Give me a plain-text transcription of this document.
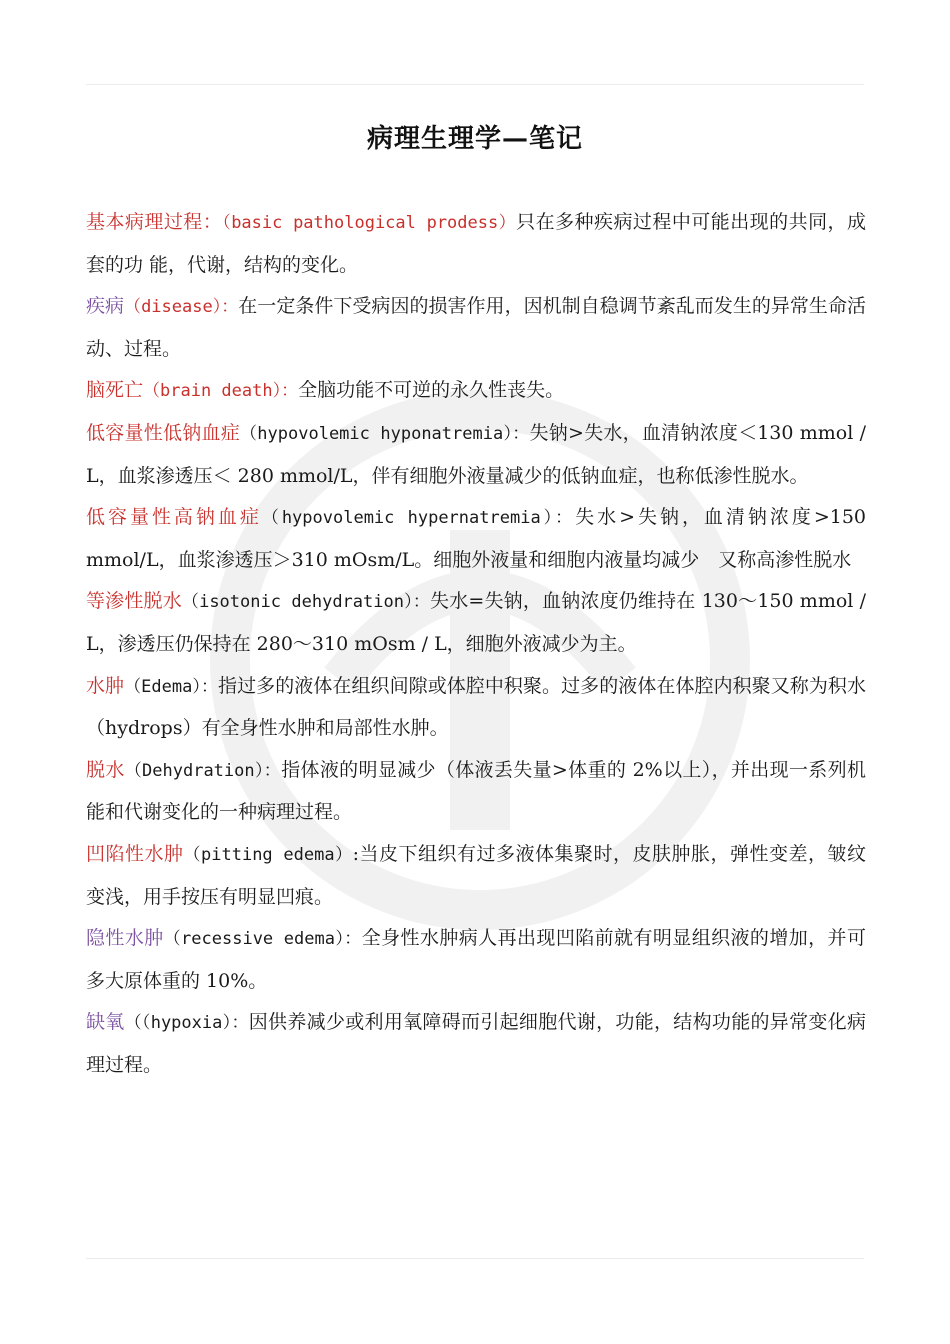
病理生理学—笔记

基本病理过程：（basic pathological prodess）只在多种疾病过程中可能出现的共同，成套的功 能，代谢，结构的变化。

疾病（disease）：在一定条件下受病因的损害作用，因机制自稳调节紊乱而发生的异常生命活动、过程。

脑死亡（brain death）：全脑功能不可逆的永久性丧失。

低容量性低钠血症（hypovolemic hyponatremia）：失钠>失水，血清钠浓度＜130 mmol / L，血浆渗透压＜ 280 mmol/L，伴有细胞外液量减少的低钠血症，也称低渗性脱水。

低容量性高钠血症（hypovolemic hypernatremia）：失水>失钠，血清钠浓度>150 mmol/L，血浆渗透压＞310 mOsm/L。细胞外液量和细胞内液量均减少　又称高渗性脱水

等渗性脱水（isotonic dehydration）：失水=失钠，血钠浓度仍维持在 130～150 mmol / L，渗透压仍保持在 280～310 mOsm / L，细胞外液减少为主。

水肿（Edema）：指过多的液体在组织间隙或体腔中积聚。过多的液体在体腔内积聚又称为积水（hydrops）有全身性水肿和局部性水肿。

脱水（Dehydration）：指体液的明显减少（体液丢失量>体重的 2%以上），并出现一系列机能和代谢变化的一种病理过程。

凹陷性水肿（pitting edema）:当皮下组织有过多液体集聚时，皮肤肿胀，弹性变差，皱纹变浅，用手按压有明显凹痕。

隐性水肿（recessive edema）：全身性水肿病人再出现凹陷前就有明显组织液的增加，并可多大原体重的 10%。

缺氧（（hypoxia）：因供养减少或利用氧障碍而引起细胞代谢，功能，结构功能的异常变化病理过程。
